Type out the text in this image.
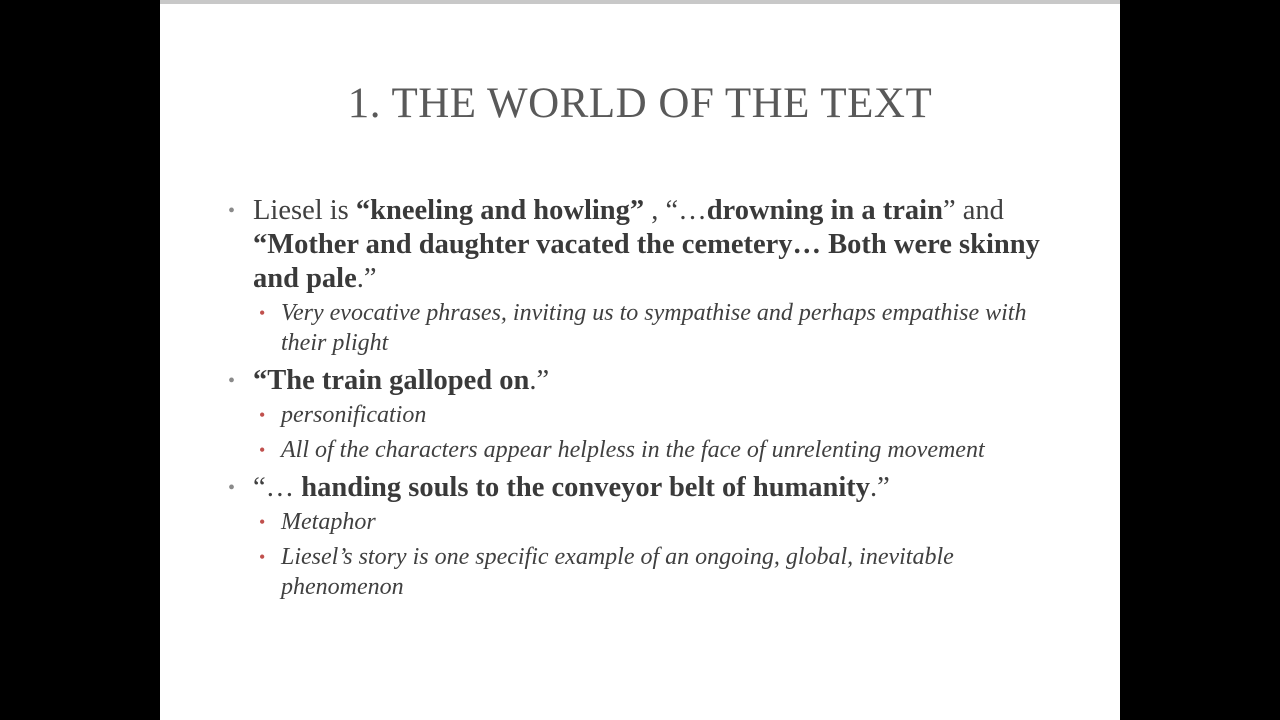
1. THE WORLD OF THE TEXT
• Liesel is “kneeling and howling” , “…drowning in a train” and “Mother and daughter vacated the cemetery… Both were skinny and pale.”
• Very evocative phrases, inviting us to sympathise and perhaps empathise with their plight
• “The train galloped on.”
• personification
• All of the characters appear helpless in the face of unrelenting movement
• “… handing souls to the conveyor belt of humanity.”
• Metaphor
• Liesel’s story is one specific example of an ongoing, global, inevitable phenomenon
